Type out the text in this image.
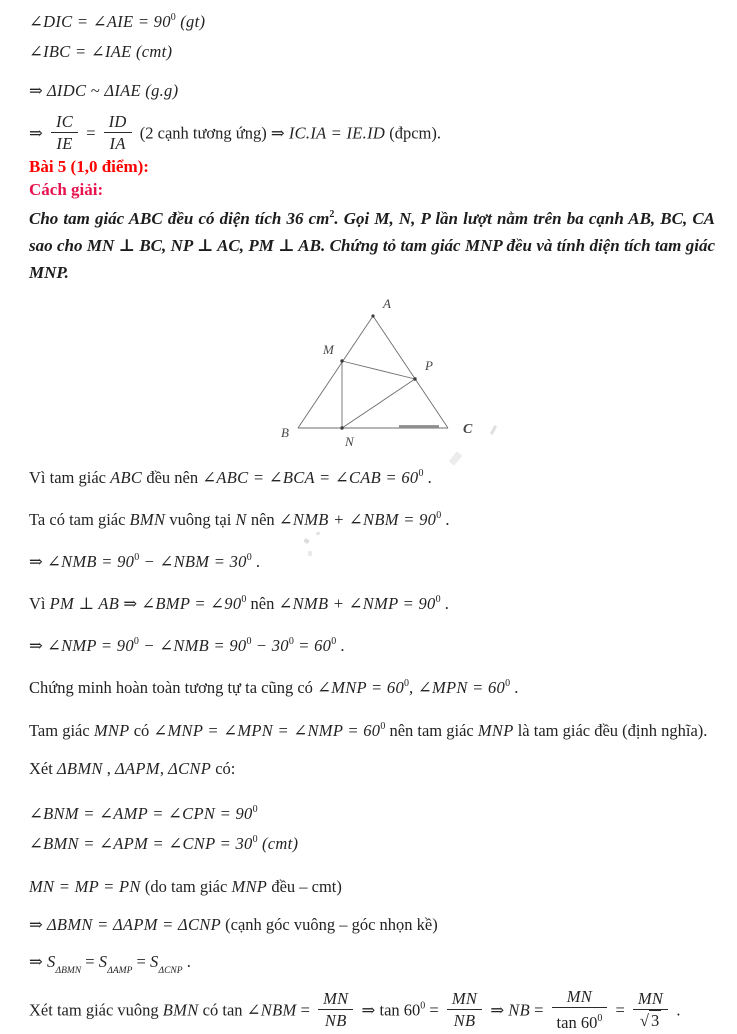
∠DIC = ∠AIE = $90^0$ (gt)

∠IBC = ∠IAE (cmt)

⇒ ΔIDC ~ ΔIAE (g.g)

⇒ $\frac{IC}{IE} = \frac{ID}{IA} (2$ cạnh tương ứng) ⇒ IC.IA = IE.ID (đpcm).

Bài 5 (1,0 điểm):

Cách giải:

Cho tam giác ABC đều có diện tích 36 $cm^2$. Gọi M, N, P lần lượt nằm trên ba cạnh AB, BC, CA sao cho MN ⊥ BC, NP ⊥ AC, PM ⊥ AB. Chứng tỏ tam giác MNP đều và tính diện tích tam giác MNP.

A
B	C
M
N
P

Vì tam giác ABC đều nên ∠ABC = ∠BCA = ∠CAB = $60^0$ .

Ta có tam giác BMN vuông tại N nên ∠NMB + ∠NBM = $90^0$ .

⇒ ∠NMB = $90^0$ − ∠NBM = $30^0$ .

Vì PM ⊥ AB ⇒ ∠BMP = $\angle 90^0$ nên ∠NMB + ∠NMP = $90^0$ .

⇒ ∠NMP = $90^0$ − ∠NMB = $90^0 - 30^0 = 60^0$ .

Chứng minh hoàn toàn tương tự ta cũng có ∠MNP = $60^0$, ∠MPN = $60^0$ .

Tam giác MNP có ∠MNP = ∠MPN = ∠NMP = $60^0$ nên tam giác MNP là tam giác đều (định nghĩa).

Xét ΔBMN , ΔAPM, ΔCNP có:

∠BNM = ∠AMP = ∠CPN = $90^0$

∠BMN = ∠APM = ∠CNP = $30^0$ (cmt)

MN = MP = PN (do tam giác MNP đều – cmt)

⇒ ΔBMN = ΔAPM = ΔCNP (cạnh góc vuông – góc nhọn kề)

⇒ $S_{\Delta BMN} = S_{\Delta AMP} = S_{\Delta CNP}$ .

Xét tam giác vuông BMN có tan ∠NBM = $\frac{MN}{NB}$ ⇒ $\tan 60^0 = \frac{MN}{NB}$ ⇒ NB = $\frac{MN}{\tan 60^0} = \frac{MN}{√ 3}$ .
